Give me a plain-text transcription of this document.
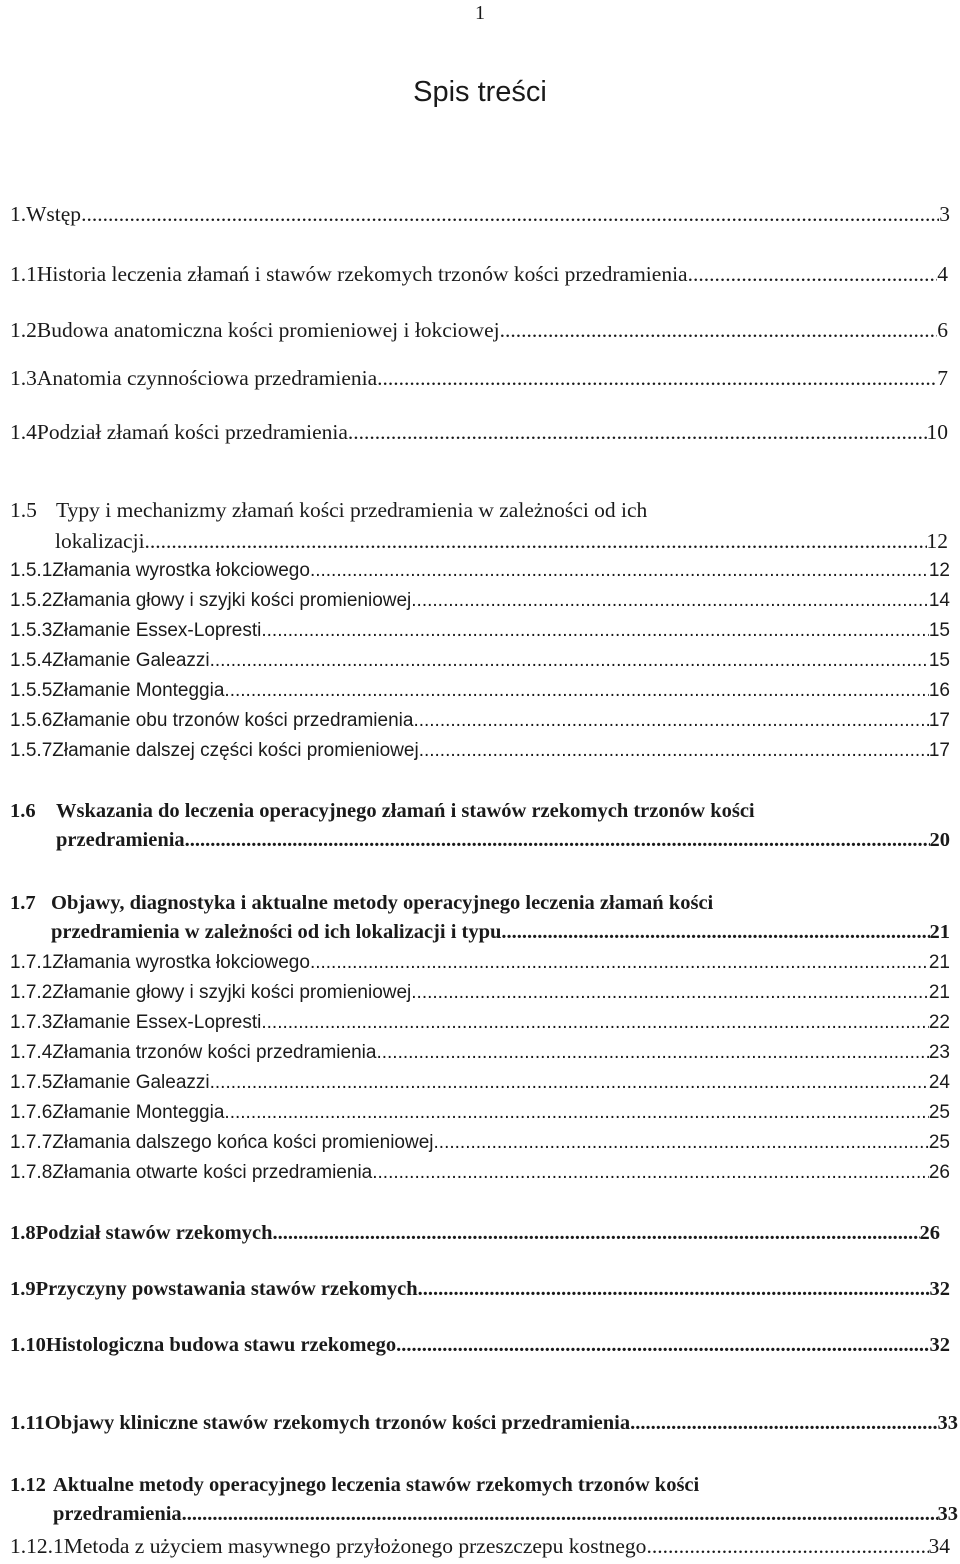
1
Spis treści
1. Wstęp .....	3
1.1 Historia leczenia złamań i stawów rzekomych trzonów kości przedramienia .....	4
1.2 Budowa anatomiczna kości promieniowej i łokciowej .....	6
1.3 Anatomia czynnościowa przedramienia .....	7
1.4 Podział złamań kości przedramienia .....	10
1.5 Typy i mechanizmy złamań kości przedramienia w zależności od ich
lokalizacji .....	12
1.5.1 Złamania wyrostka łokciowego .....	12
1.5.2 Złamania głowy i szyjki kości promieniowej .....	14
1.5.3 Złamanie Essex-Lopresti .....	15
1.5.4 Złamanie Galeazzi .....	15
1.5.5 Złamanie Monteggia .....	16
1.5.6 Złamanie obu trzonów kości przedramienia .....	17
1.5.7 Złamanie dalszej części kości promieniowej .....	17
1.6 Wskazania do leczenia operacyjnego złamań i stawów rzekomych trzonów kości
przedramienia .....	20
1.7 Objawy, diagnostyka i aktualne metody operacyjnego leczenia złamań kości
przedramienia w zależności od ich lokalizacji i typu .....	21
1.7.1 Złamania wyrostka łokciowego .....	21
1.7.2 Złamanie głowy i szyjki kości promieniowej .....	21
1.7.3 Złamanie Essex-Lopresti .....	22
1.7.4 Złamania trzonów kości przedramienia .....	23
1.7.5 Złamanie Galeazzi .....	24
1.7.6 Złamanie Monteggia .....	25
1.7.7 Złamania dalszego końca kości promieniowej .....	25
1.7.8 Złamania otwarte kości przedramienia .....	26
1.8 Podział stawów rzekomych .....	26
1.9 Przyczyny powstawania stawów rzekomych .....	32
1.10 Histologiczna budowa stawu rzekomego .....	32
1.11 Objawy kliniczne stawów rzekomych trzonów kości przedramienia .....	33
1.12 Aktualne metody operacyjnego leczenia stawów rzekomych trzonów kości
przedramienia .....	33
1.12.1 Metoda z użyciem masywnego przyłożonego przeszczepu kostnego .....	34
